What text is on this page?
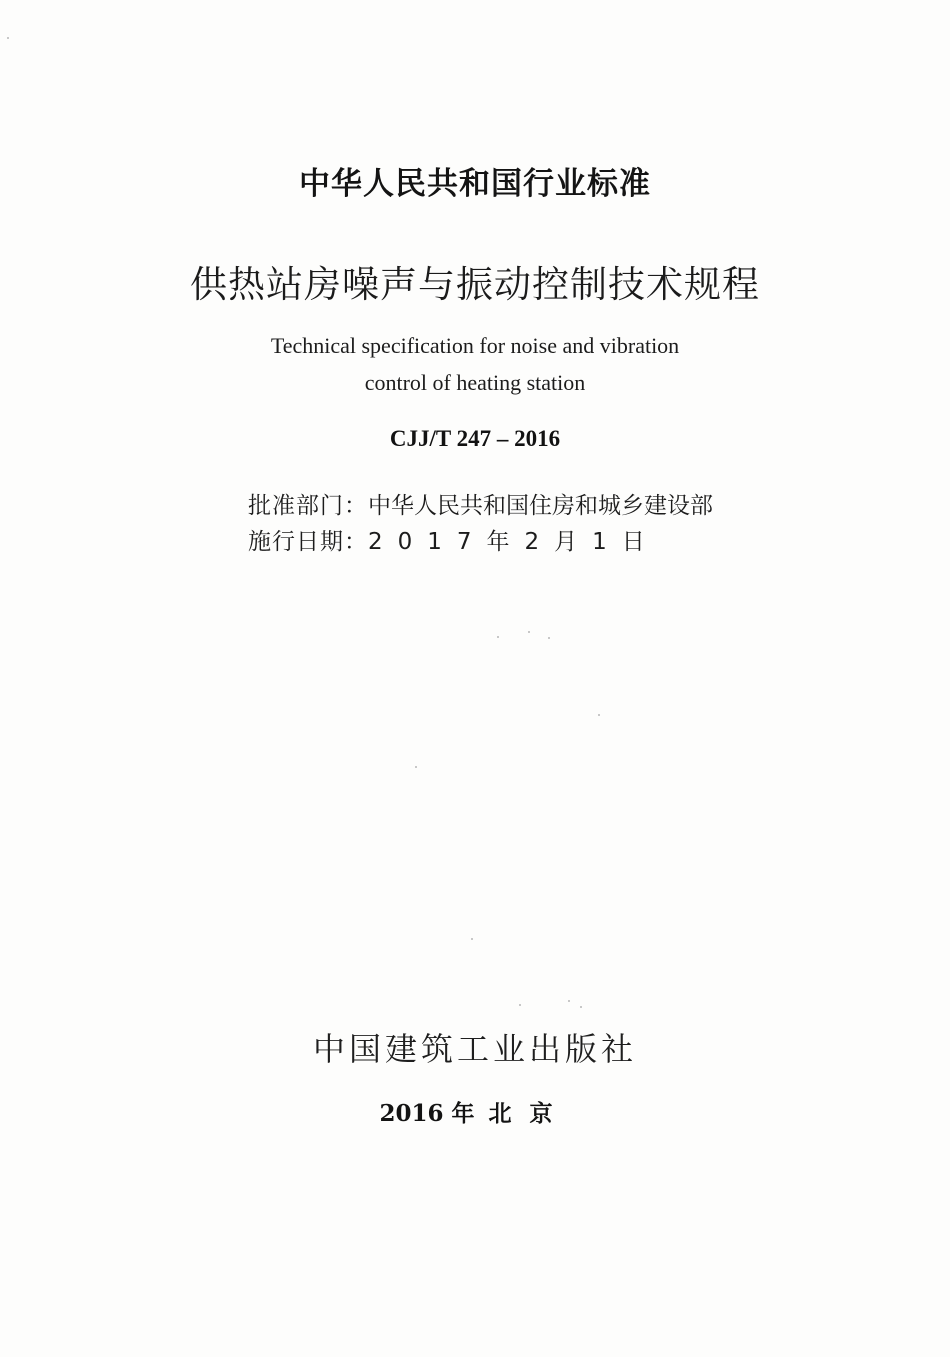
中华人民共和国行业标准
供热站房噪声与振动控制技术规程
Technical specification for noise and vibration
control of heating station
CJJ/T 247 – 2016
批准部门：中华人民共和国住房和城乡建设部
施行日期：2017年2月1日
中国建筑工业出版社
2016 年 北京
